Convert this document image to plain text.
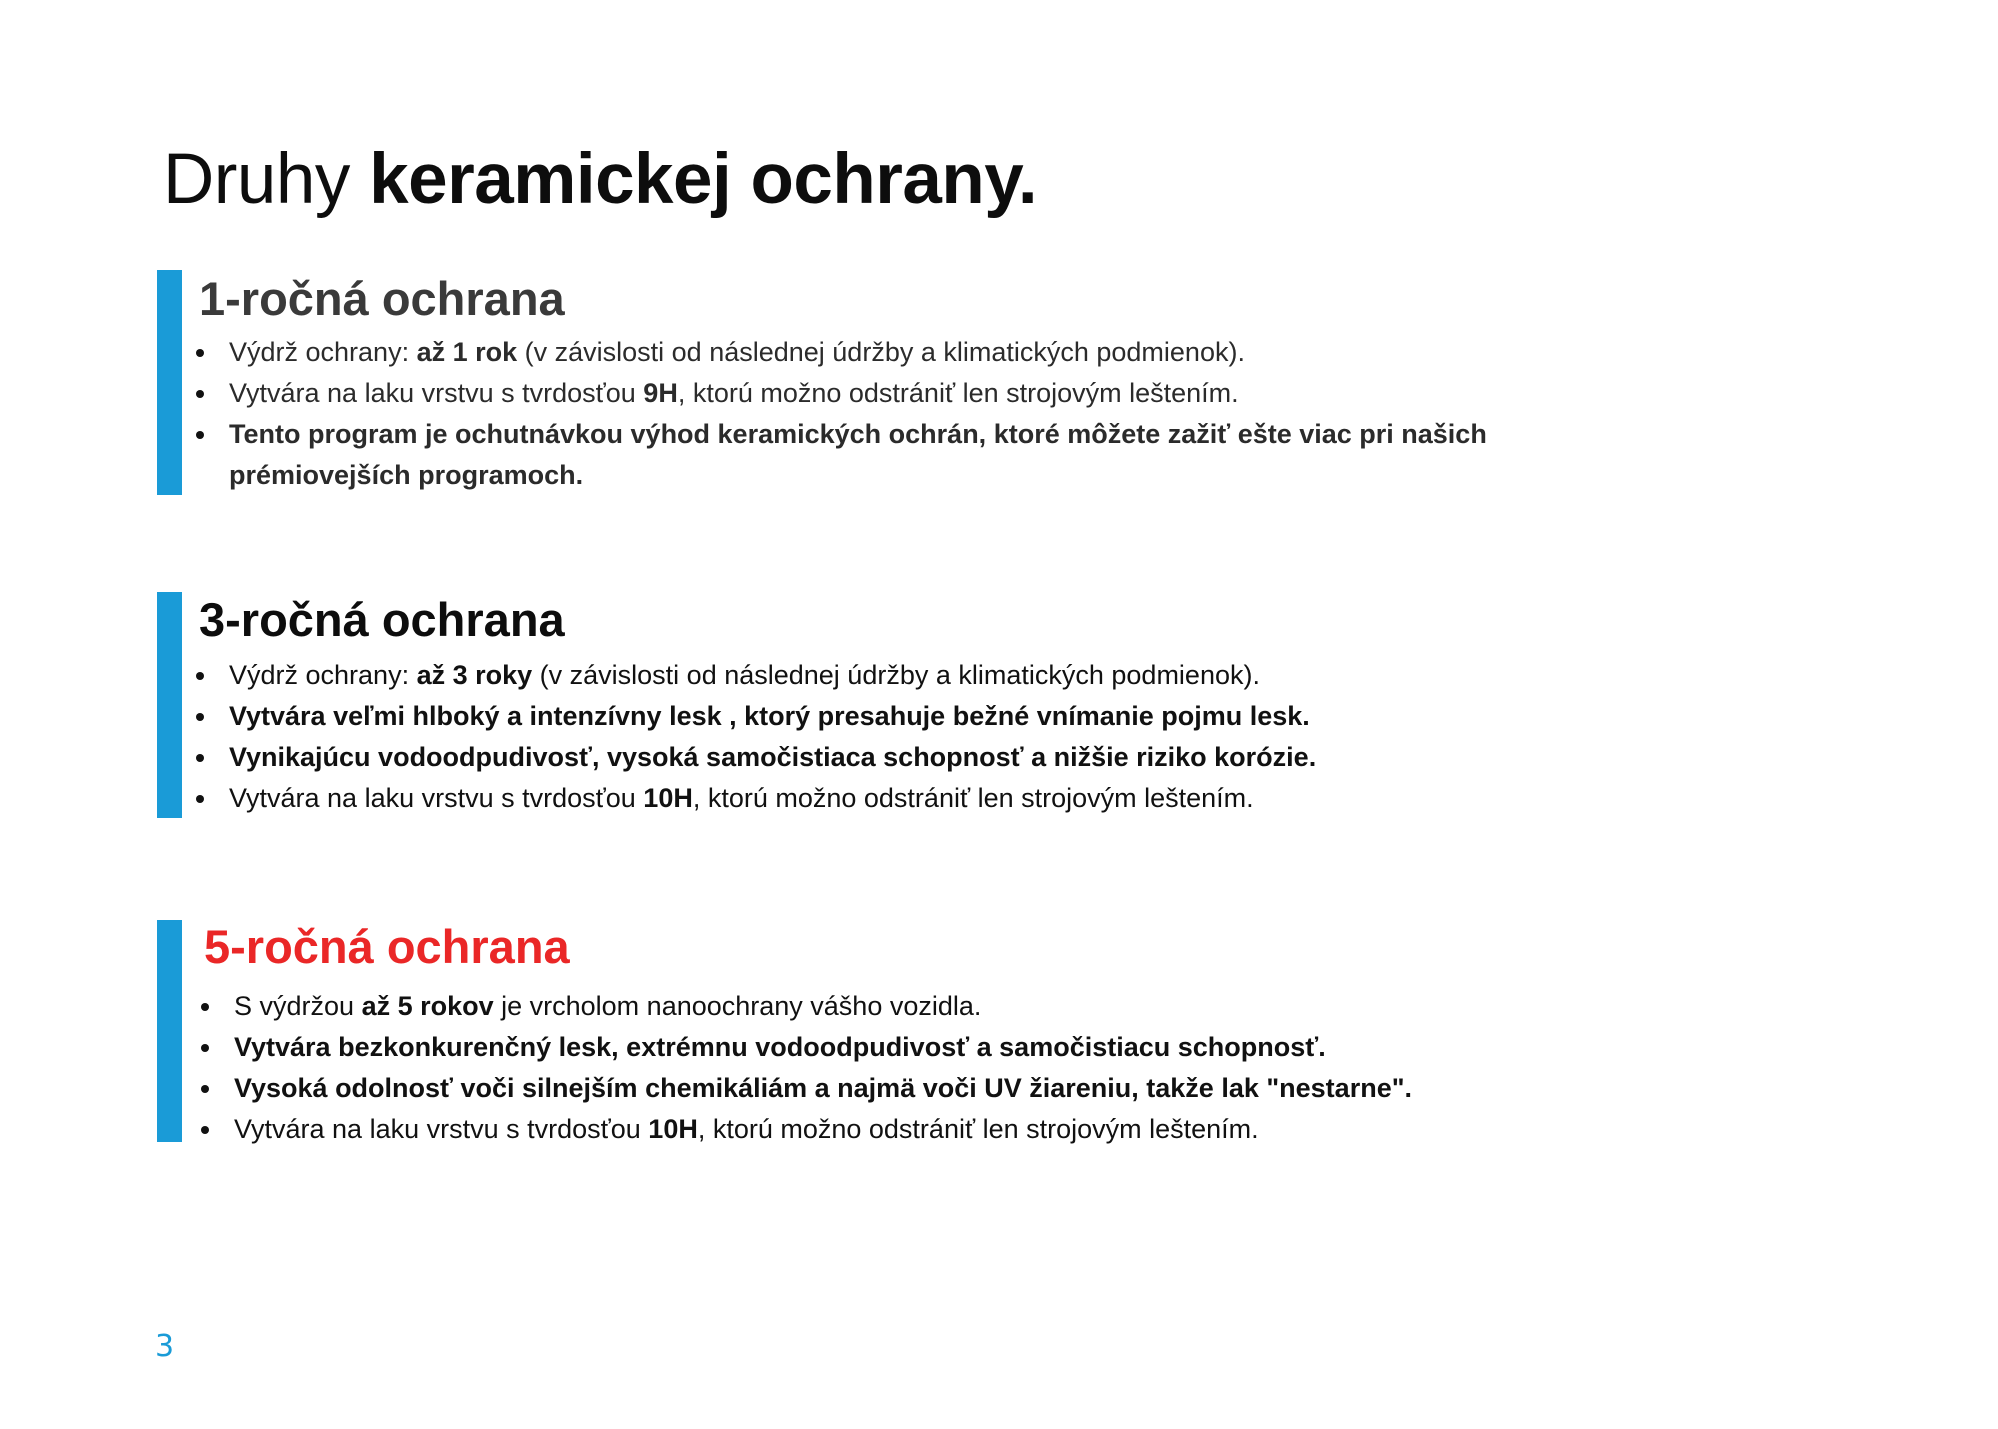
Druhy keramickej ochrany.
1-ročná ochrana
Výdrž ochrany: až 1 rok (v závislosti od následnej údržby a klimatických podmienok).
Vytvára na laku vrstvu s tvrdosťou 9H, ktorú možno odstrániť len strojovým leštením.
Tento program je ochutnávkou výhod keramických ochrán, ktoré môžete zažiť ešte viac pri našich prémiovejších programoch.
3-ročná ochrana
Výdrž ochrany: až 3 roky (v závislosti od následnej údržby a klimatických podmienok).
Vytvára veľmi hlboký a intenzívny lesk , ktorý presahuje bežné vnímanie pojmu lesk.
Vynikajúcu vodoodpudivosť, vysoká samočistiaca schopnosť a nižšie riziko korózie.
Vytvára na laku vrstvu s tvrdosťou 10H, ktorú možno odstrániť len strojovým leštením.
5-ročná ochrana
S výdržou až 5 rokov je vrcholom nanoochrany vášho vozidla.
Vytvára bezkonkurenčný lesk, extrémnu vodoodpudivosť a samočistiacu schopnosť.
Vysoká odolnosť voči silnejším chemikáliám a najmä voči UV žiareniu, takže lak "nestarne".
Vytvára na laku vrstvu s tvrdosťou 10H, ktorú možno odstrániť len strojovým leštením.
3
